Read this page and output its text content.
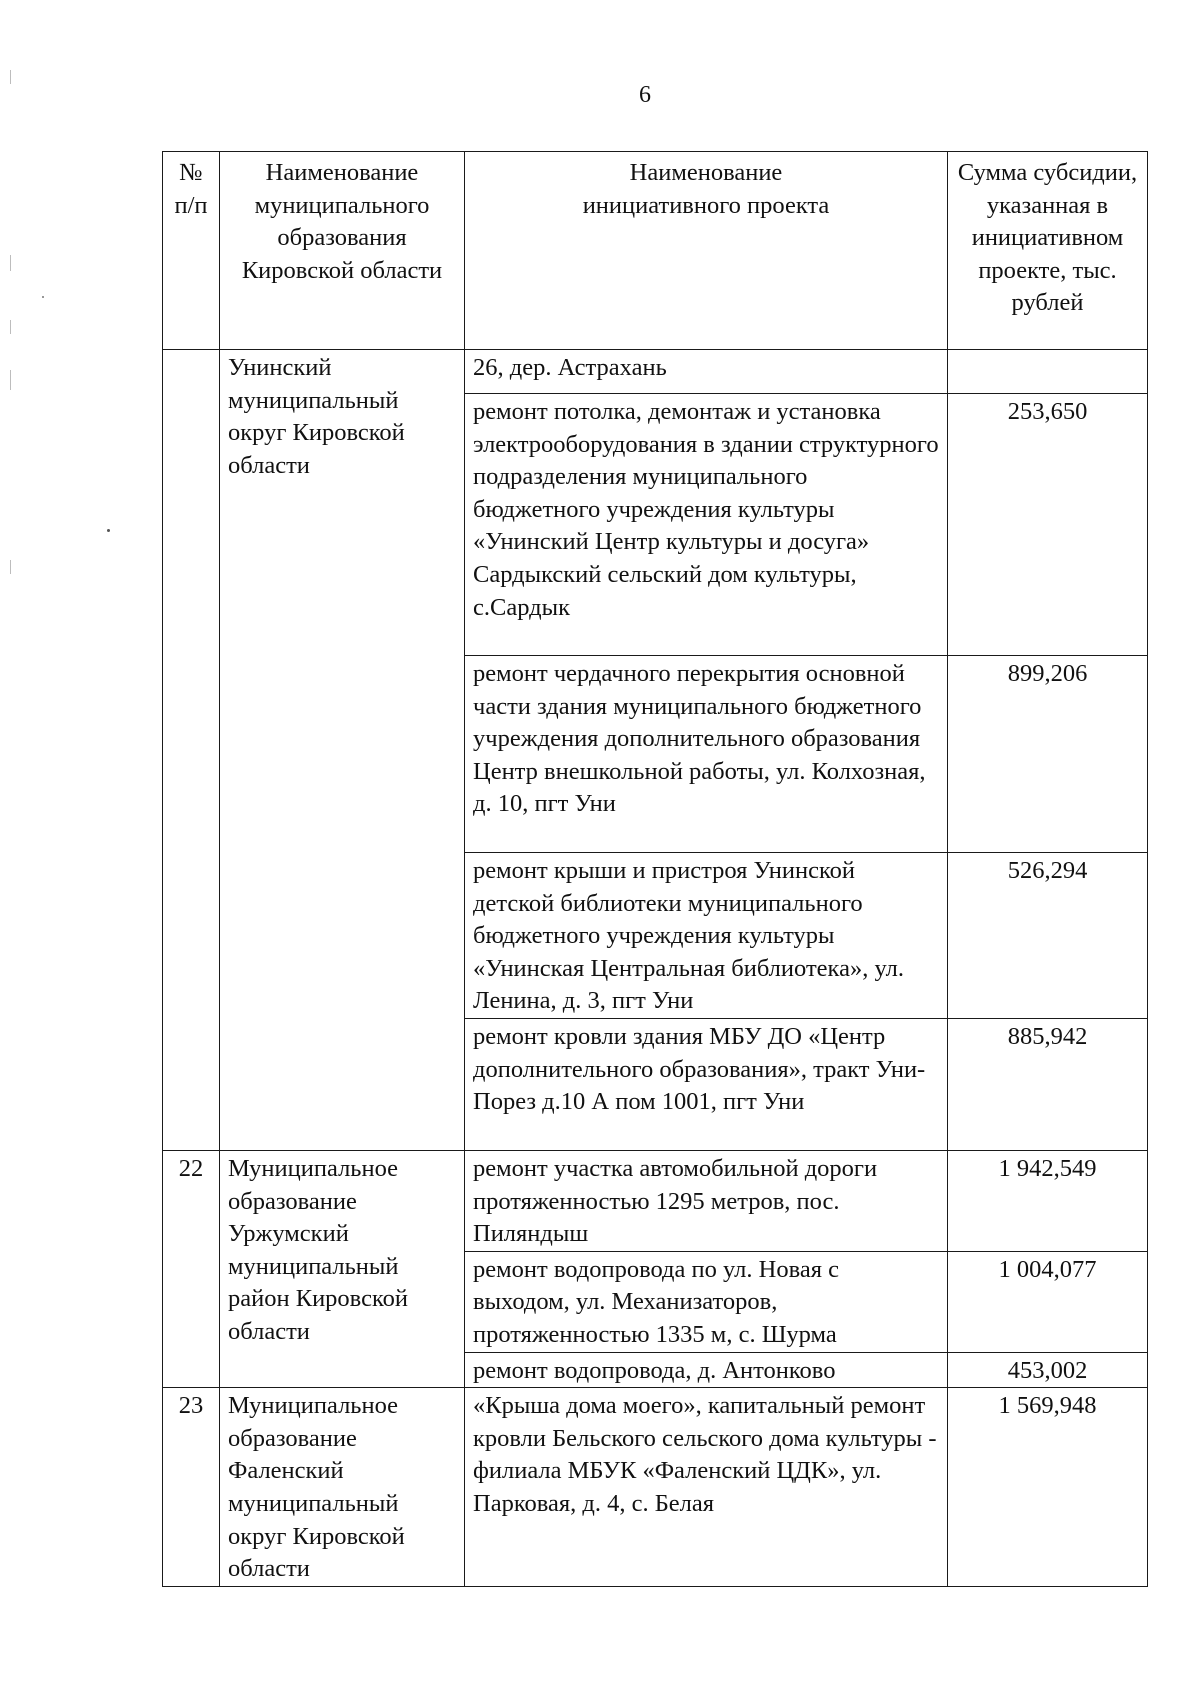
6
№ п/п	Наименование муниципального образования Кировской области	Наименование инициативного проекта	Сумма субсидии, указанная в инициативном проекте, тыс. рублей
	Унинский муниципальный округ Кировской области	26, дер. Астрахань	
		ремонт потолка, демонтаж и установка электрооборудования в здании структурного подразделения муниципального бюджетного учреждения культуры «Унинский Центр культуры и досуга» Сардыкский сельский дом культуры, с.Сардык	253,650
		ремонт чердачного перекрытия основной части здания муниципального бюджетного учреждения дополнительного образования Центр внешкольной работы, ул. Колхозная, д. 10, пгт Уни	899,206
		ремонт крыши и пристроя Унинской детской библиотеки муниципального бюджетного учреждения культуры «Унинская Центральная библиотека», ул. Ленина, д. 3, пгт Уни	526,294
		ремонт кровли здания МБУ ДО «Центр дополнительного образования», тракт Уни-Порез д.10 А пом 1001, пгт Уни	885,942
22	Муниципальное образование Уржумский муниципальный район Кировской области	ремонт участка автомобильной дороги протяженностью 1295 метров, пос. Пиляндыш	1 942,549
		ремонт водопровода по ул. Новая с выходом, ул. Механизаторов, протяженностью 1335 м, с. Шурма	1 004,077
		ремонт водопровода, д. Антонково	453,002
23	Муниципальное образование Фаленский муниципальный округ Кировской области	«Крыша дома моего», капитальный ремонт кровли Бельского сельского дома культуры - филиала МБУК «Фаленский ЦДК», ул. Парковая, д. 4, с. Белая	1 569,948
